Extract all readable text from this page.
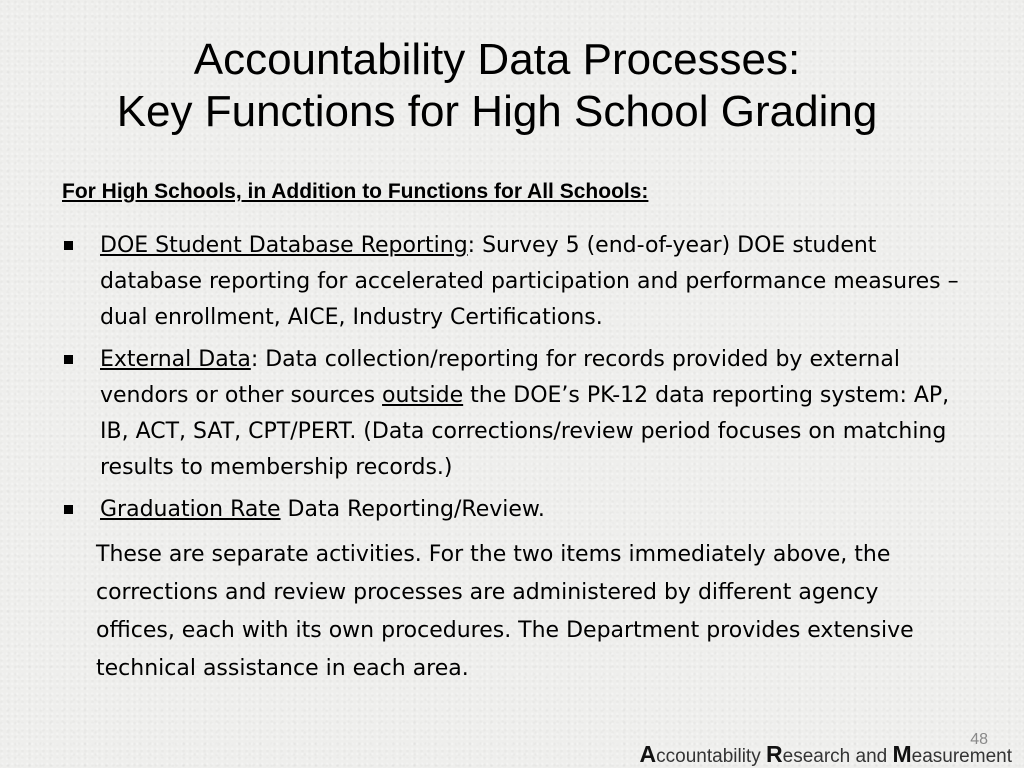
Accountability Data Processes:
Key Functions for High School Grading
For High Schools, in Addition to Functions for All Schools:

DOE Student Database Reporting: Survey 5 (end-of-year) DOE student database reporting for accelerated participation and performance measures – dual enrollment, AICE, Industry Certifications.

External Data: Data collection/reporting for records provided by external vendors or other sources outside the DOE’s PK-12 data reporting system: AP, IB, ACT, SAT, CPT/PERT. (Data corrections/review period focuses on matching results to membership records.)

Graduation Rate Data Reporting/Review.

These are separate activities. For the two items immediately above, the corrections and review processes are administered by different agency offices, each with its own procedures. The Department provides extensive technical assistance in each area.

48
Accountability Research and Measurement
